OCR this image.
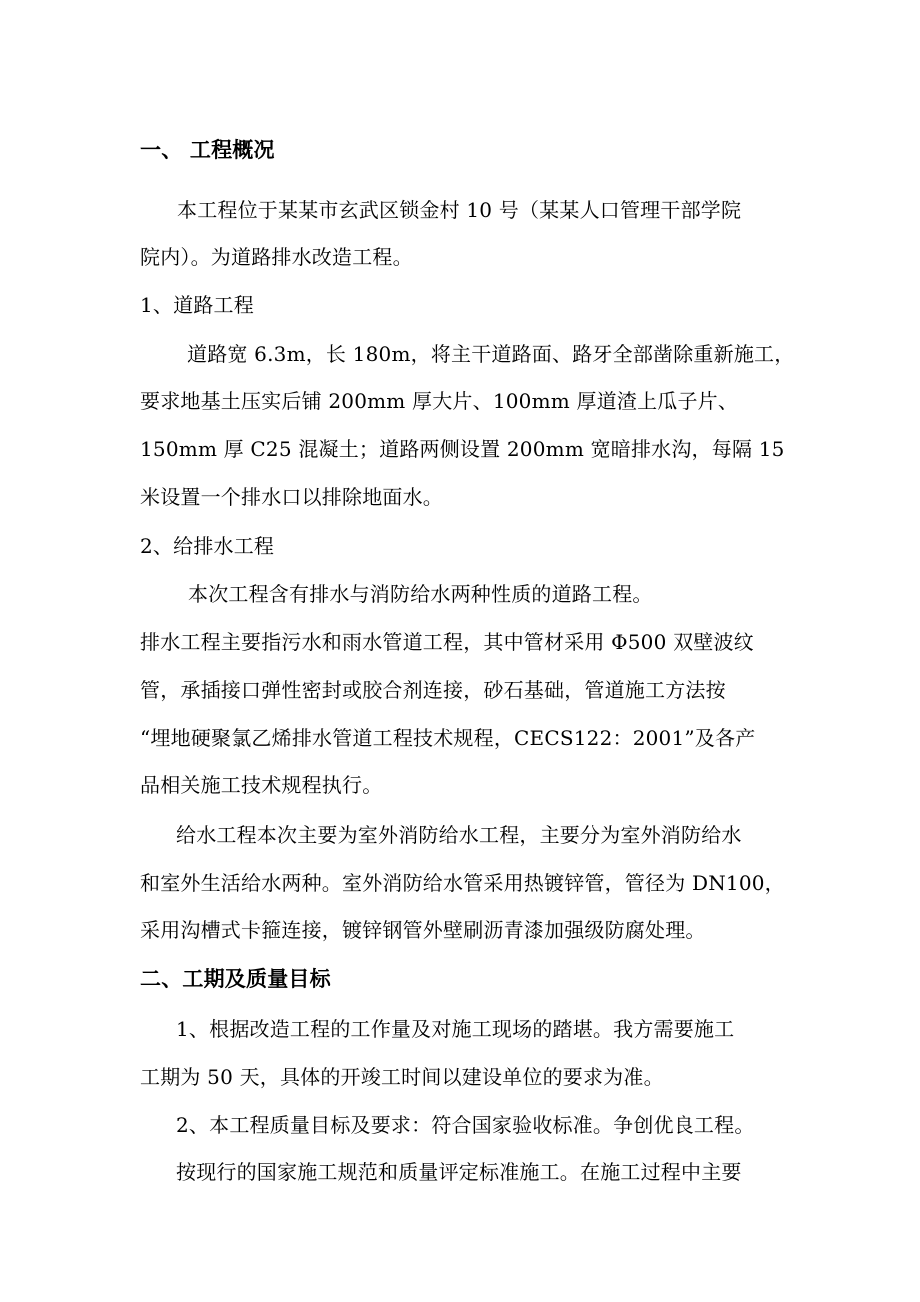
一、 工程概况
本工程位于某某市玄武区锁金村 10 号（某某人口管理干部学院
院内）。为道路排水改造工程。
1、道路工程
道路宽 6.3m，长 180m，将主干道路面、路牙全部凿除重新施工，
要求地基土压实后铺 200mm 厚大片、100mm 厚道渣上瓜子片、
150mm 厚 C25 混凝土；道路两侧设置 200mm 宽暗排水沟，每隔 15
米设置一个排水口以排除地面水。
2、给排水工程
本次工程含有排水与消防给水两种性质的道路工程。
排水工程主要指污水和雨水管道工程，其中管材采用 Φ500 双壁波纹
管，承插接口弹性密封或胶合剂连接，砂石基础，管道施工方法按
“埋地硬聚氯乙烯排水管道工程技术规程，CECS122：2001”及各产
品相关施工技术规程执行。
给水工程本次主要为室外消防给水工程，主要分为室外消防给水
和室外生活给水两种。室外消防给水管采用热镀锌管，管径为 DN100，
采用沟槽式卡箍连接，镀锌钢管外壁刷沥青漆加强级防腐处理。
二、工期及质量目标
1、根据改造工程的工作量及对施工现场的踏堪。我方需要施工
工期为 50 天，具体的开竣工时间以建设单位的要求为准。
2、本工程质量目标及要求：符合国家验收标准。争创优良工程。
按现行的国家施工规范和质量评定标准施工。在施工过程中主要
